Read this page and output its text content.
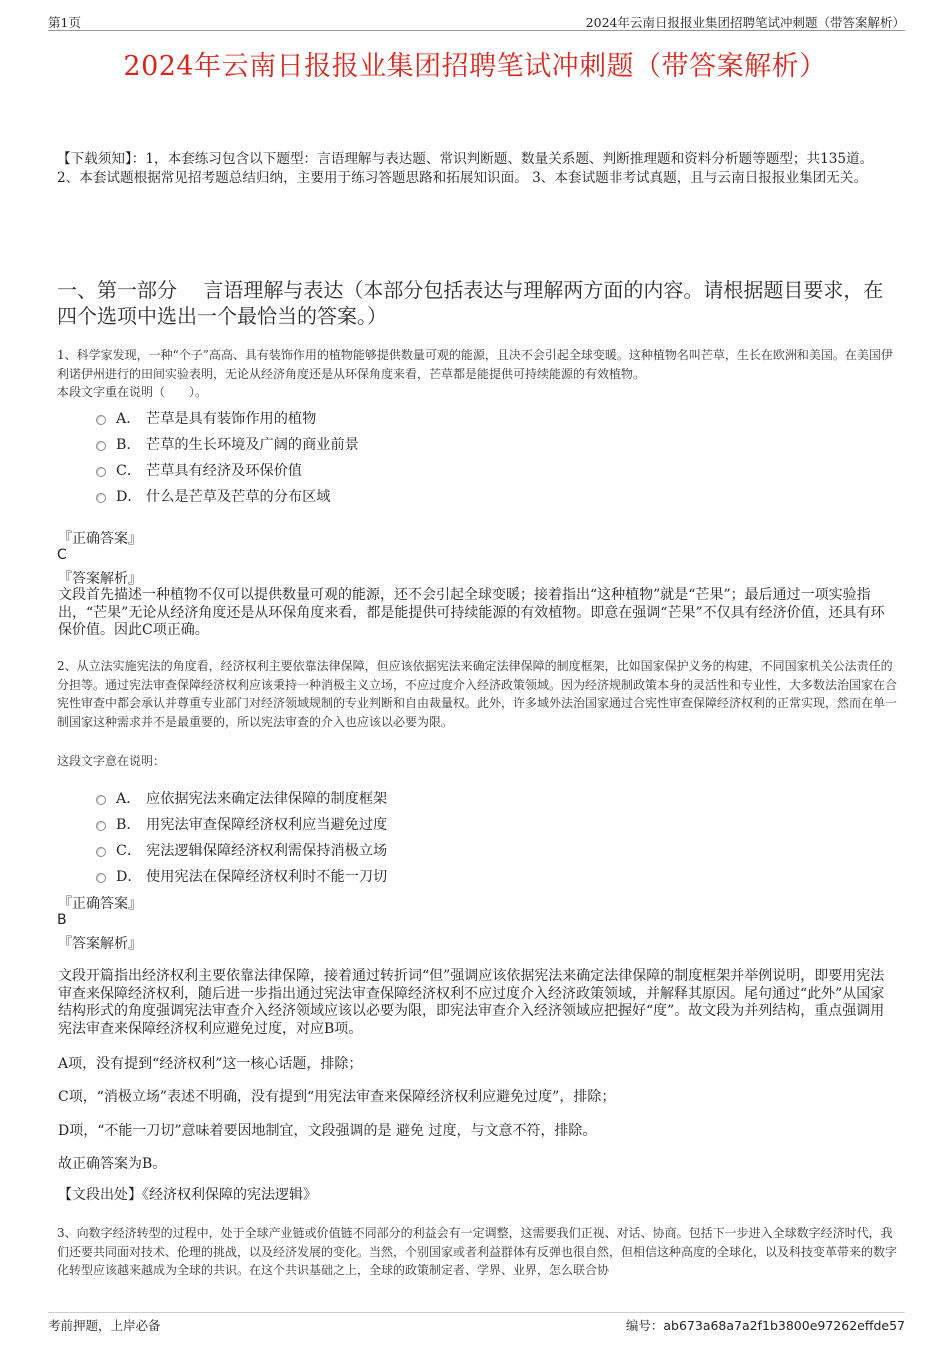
第1页	2024年云南日报报业集团招聘笔试冲刺题（带答案解析）
2024年云南日报报业集团招聘笔试冲刺题（带答案解析）
【下载须知】：1，本套练习包含以下题型：言语理解与表达题、常识判断题、数量关系题、判断推理题和资料分析题等题型；共135道。 2、本套试题根据常见招考题总结归纳，主要用于练习答题思路和拓展知识面。 3、本套试题非考试真题，且与云南日报报业集团无关。
一、第一部分　 言语理解与表达（本部分包括表达与理解两方面的内容。请根据题目要求，在四个选项中选出一个最恰当的答案。）
1、科学家发现，一种“个子”高高、具有装饰作用的植物能够提供数量可观的能源，且决不会引起全球变暖。这种植物名叫芒草，生长在欧洲和美国。在美国伊利诺伊州进行的田间实验表明，无论从经济角度还是从环保角度来看，芒草都是能提供可持续能源的有效植物。
本段文字重在说明（　　）。
A． 芒草是具有装饰作用的植物
B． 芒草的生长环境及广阔的商业前景
C． 芒草具有经济及环保价值
D． 什么是芒草及芒草的分布区域
『正确答案』
C
『答案解析』
文段首先描述一种植物不仅可以提供数量可观的能源，还不会引起全球变暖；接着指出“这种植物”就是“芒果”；最后通过一项实验指出，“芒果”无论从经济角度还是从环保角度来看，都是能提供可持续能源的有效植物。即意在强调“芒果”不仅具有经济价值，还具有环保价值。因此C项正确。
2、从立法实施宪法的角度看，经济权利主要依靠法律保障，但应该依据宪法来确定法律保障的制度框架，比如国家保护义务的构建，不同国家机关公法责任的分担等。通过宪法审查保障经济权利应该秉持一种消极主义立场，不应过度介入经济政策领域。因为经济规制政策本身的灵活性和专业性，大多数法治国家在合宪性审查中都会承认并尊重专业部门对经济领域规制的专业判断和自由裁量权。此外，许多域外法治国家通过合宪性审查保障经济权利的正常实现，然而在单一制国家这种需求并不是最重要的，所以宪法审查的介入也应该以必要为限。
这段文字意在说明：
A． 应依据宪法来确定法律保障的制度框架
B． 用宪法审查保障经济权利应当避免过度
C． 宪法逻辑保障经济权利需保持消极立场
D． 使用宪法在保障经济权利时不能一刀切
『正确答案』
B
『答案解析』
文段开篇指出经济权利主要依靠法律保障，接着通过转折词“但”强调应该依据宪法来确定法律保障的制度框架并举例说明，即要用宪法审查来保障经济权利，随后进一步指出通过宪法审查保障经济权利不应过度介入经济政策领域，并解释其原因。尾句通过“此外”从国家结构形式的角度强调宪法审查介入经济领域应该以必要为限，即宪法审查介入经济领域应把握好“度”。故文段为并列结构，重点强调用宪法审查来保障经济权利应避免过度，对应B项。
A项，没有提到“经济权利”这一核心话题，排除；
C项，“消极立场”表述不明确，没有提到“用宪法审查来保障经济权利应避免过度”，排除；
D项，“不能一刀切”意味着要因地制宜，文段强调的是 避免 过度，与文意不符，排除。
故正确答案为B。
【文段出处】《经济权利保障的宪法逻辑》
3、向数字经济转型的过程中，处于全球产业链或价值链不同部分的利益会有一定调整，这需要我们正视、对话、协商。包括下一步进入全球数字经济时代，我们还要共同面对技术、伦理的挑战，以及经济发展的变化。当然，个别国家或者利益群体有反弹也很自然，但相信这种高度的全球化，以及科技变革带来的数字化转型应该越来越成为全球的共识。在这个共识基础之上，全球的政策制定者、学界、业界，怎么联合协
考前押题，上岸必备	编号：ab673a68a7a2f1b3800e97262effde57
